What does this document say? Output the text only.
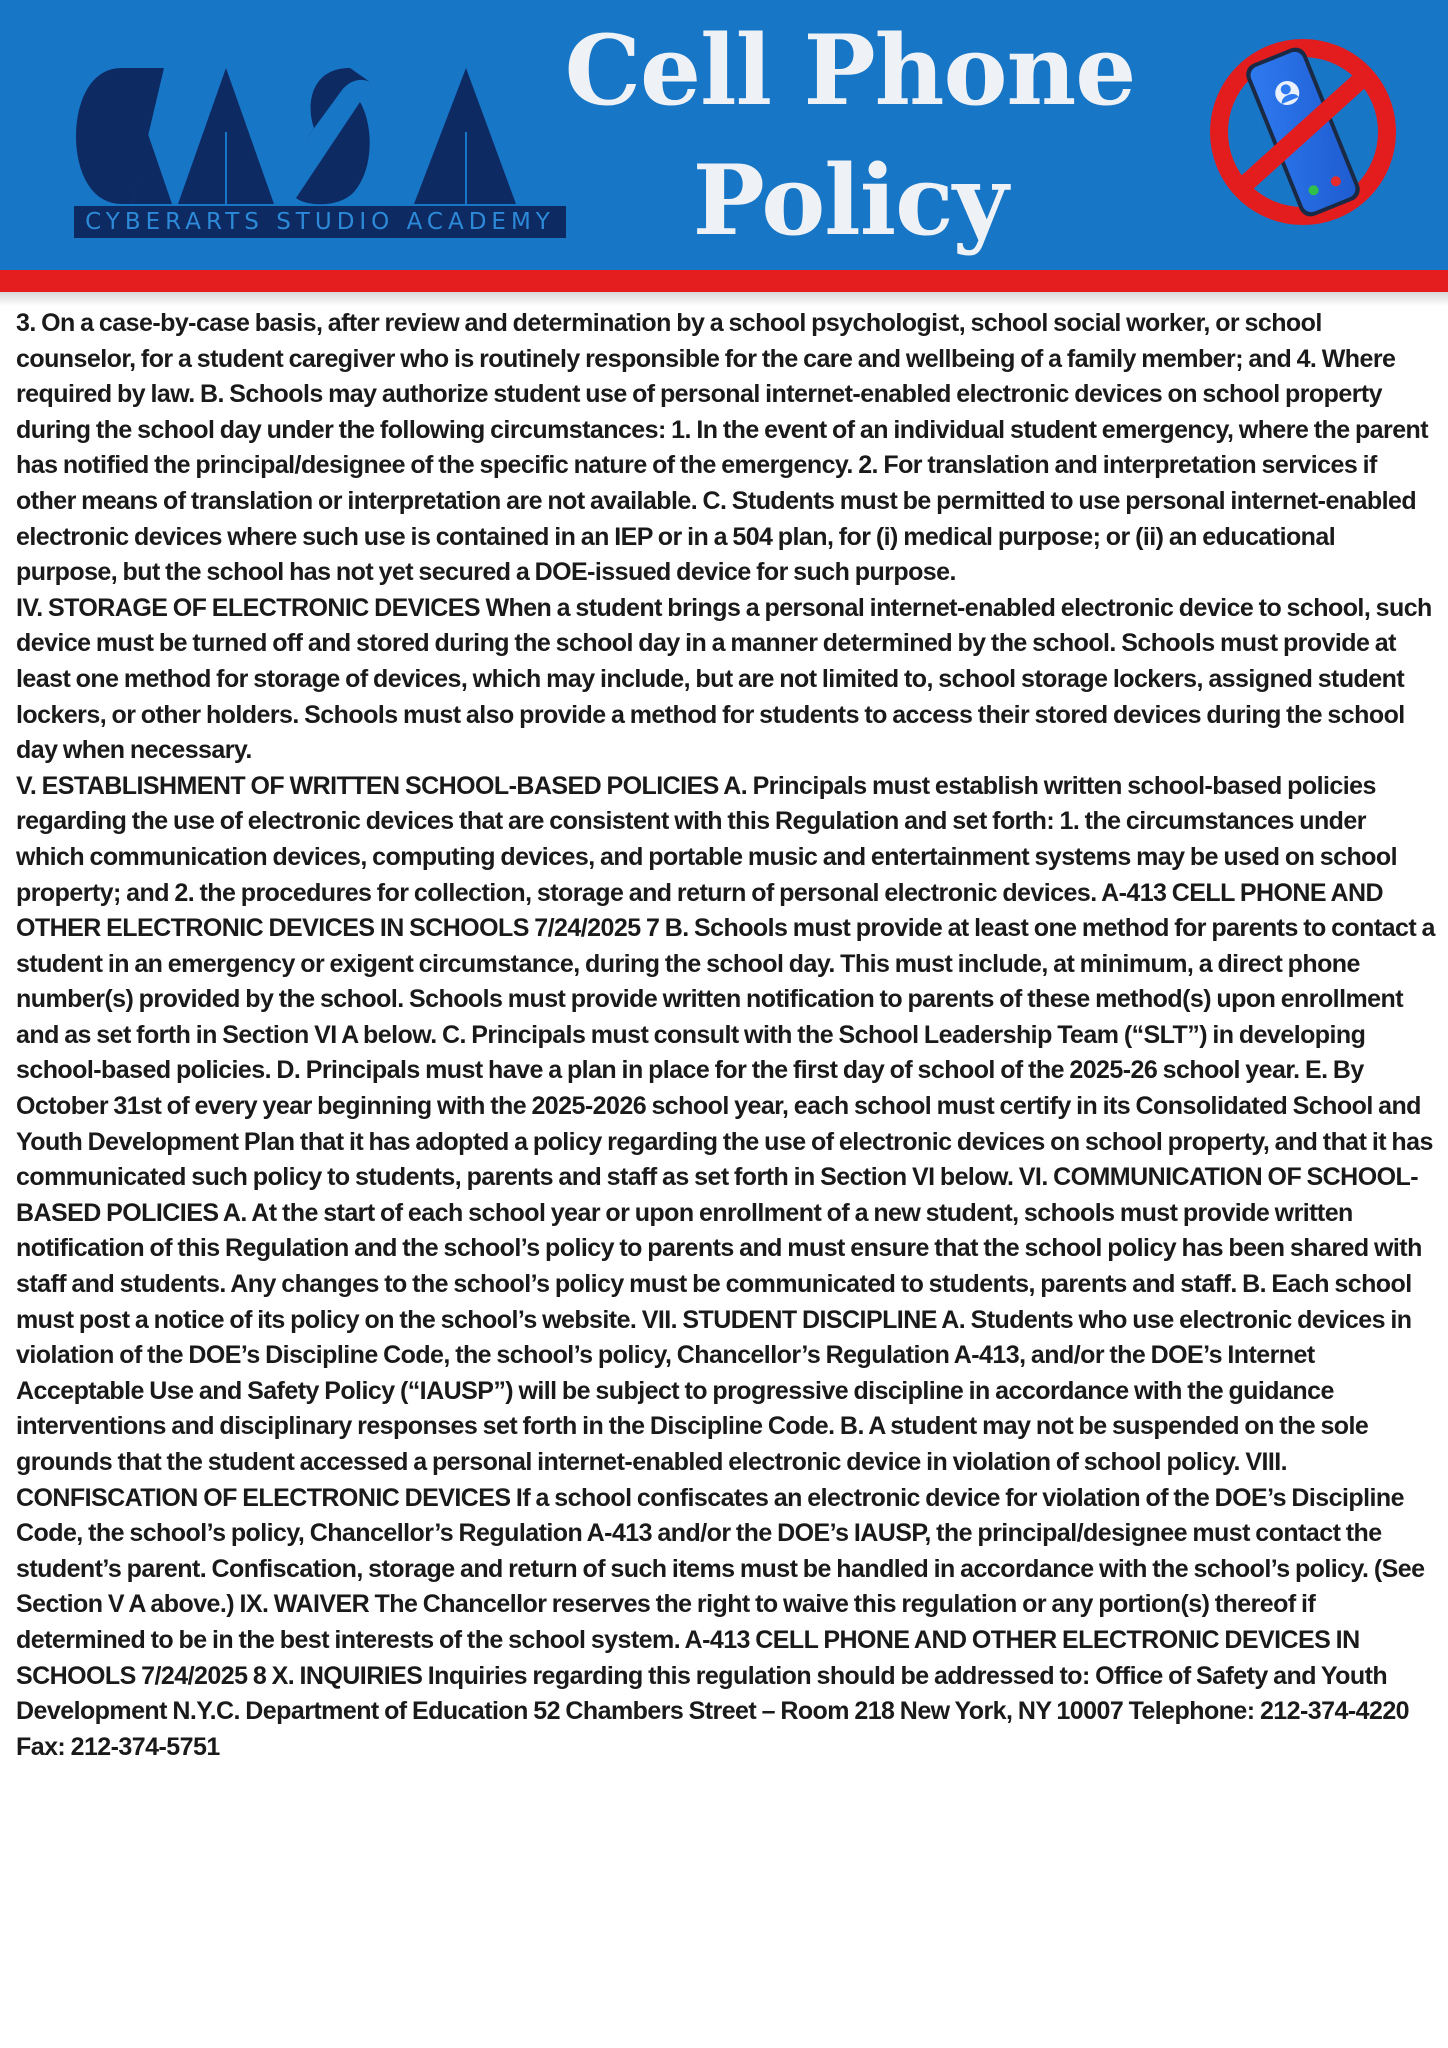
CYBERARTS STUDIO ACADEMY
Cell Phone
Policy

3. On a case-by-case basis, after review and determination by a school psychologist, school social worker, or school counselor, for a student caregiver who is routinely responsible for the care and wellbeing of a family member; and 4. Where required by law. B. Schools may authorize student use of personal internet-enabled electronic devices on school property during the school day under the following circumstances: 1. In the event of an individual student emergency, where the parent has notified the principal/designee of the specific nature of the emergency. 2. For translation and interpretation services if other means of translation or interpretation are not available. C. Students must be permitted to use personal internet-enabled electronic devices where such use is contained in an IEP or in a 504 plan, for (i) medical purpose; or (ii) an educational purpose, but the school has not yet secured a DOE-issued device for such purpose.

IV. STORAGE OF ELECTRONIC DEVICES When a student brings a personal internet-enabled electronic device to school, such device must be turned off and stored during the school day in a manner determined by the school. Schools must provide at least one method for storage of devices, which may include, but are not limited to, school storage lockers, assigned student lockers, or other holders. Schools must also provide a method for students to access their stored devices during the school day when necessary.

V. ESTABLISHMENT OF WRITTEN SCHOOL-BASED POLICIES A. Principals must establish written school-based policies regarding the use of electronic devices that are consistent with this Regulation and set forth: 1. the circumstances under which communication devices, computing devices, and portable music and entertainment systems may be used on school property; and 2. the procedures for collection, storage and return of personal electronic devices. A-413 CELL PHONE AND OTHER ELECTRONIC DEVICES IN SCHOOLS 7/24/2025 7 B. Schools must provide at least one method for parents to contact a student in an emergency or exigent circumstance, during the school day. This must include, at minimum, a direct phone number(s) provided by the school. Schools must provide written notification to parents of these method(s) upon enrollment and as set forth in Section VI A below. C. Principals must consult with the School Leadership Team (“SLT”) in developing school-based policies. D. Principals must have a plan in place for the first day of school of the 2025-26 school year. E. By October 31st of every year beginning with the 2025-2026 school year, each school must certify in its Consolidated School and Youth Development Plan that it has adopted a policy regarding the use of electronic devices on school property, and that it has communicated such policy to students, parents and staff as set forth in Section VI below. VI. COMMUNICATION OF SCHOOL-BASED POLICIES A. At the start of each school year or upon enrollment of a new student, schools must provide written notification of this Regulation and the school’s policy to parents and must ensure that the school policy has been shared with staff and students. Any changes to the school’s policy must be communicated to students, parents and staff. B. Each school must post a notice of its policy on the school’s website. VII. STUDENT DISCIPLINE A. Students who use electronic devices in violation of the DOE’s Discipline Code, the school’s policy, Chancellor’s Regulation A-413, and/or the DOE’s Internet Acceptable Use and Safety Policy (“IAUSP”) will be subject to progressive discipline in accordance with the guidance interventions and disciplinary responses set forth in the Discipline Code. B. A student may not be suspended on the sole grounds that the student accessed a personal internet-enabled electronic device in violation of school policy. VIII. CONFISCATION OF ELECTRONIC DEVICES If a school confiscates an electronic device for violation of the DOE’s Discipline Code, the school’s policy, Chancellor’s Regulation A-413 and/or the DOE’s IAUSP, the principal/designee must contact the student’s parent. Confiscation, storage and return of such items must be handled in accordance with the school’s policy. (See Section V A above.) IX. WAIVER The Chancellor reserves the right to waive this regulation or any portion(s) thereof if determined to be in the best interests of the school system. A-413 CELL PHONE AND OTHER ELECTRONIC DEVICES IN SCHOOLS 7/24/2025 8 X. INQUIRIES Inquiries regarding this regulation should be addressed to: Office of Safety and Youth Development N.Y.C. Department of Education 52 Chambers Street – Room 218 New York, NY 10007 Telephone: 212-374-4220 Fax: 212-374-5751
